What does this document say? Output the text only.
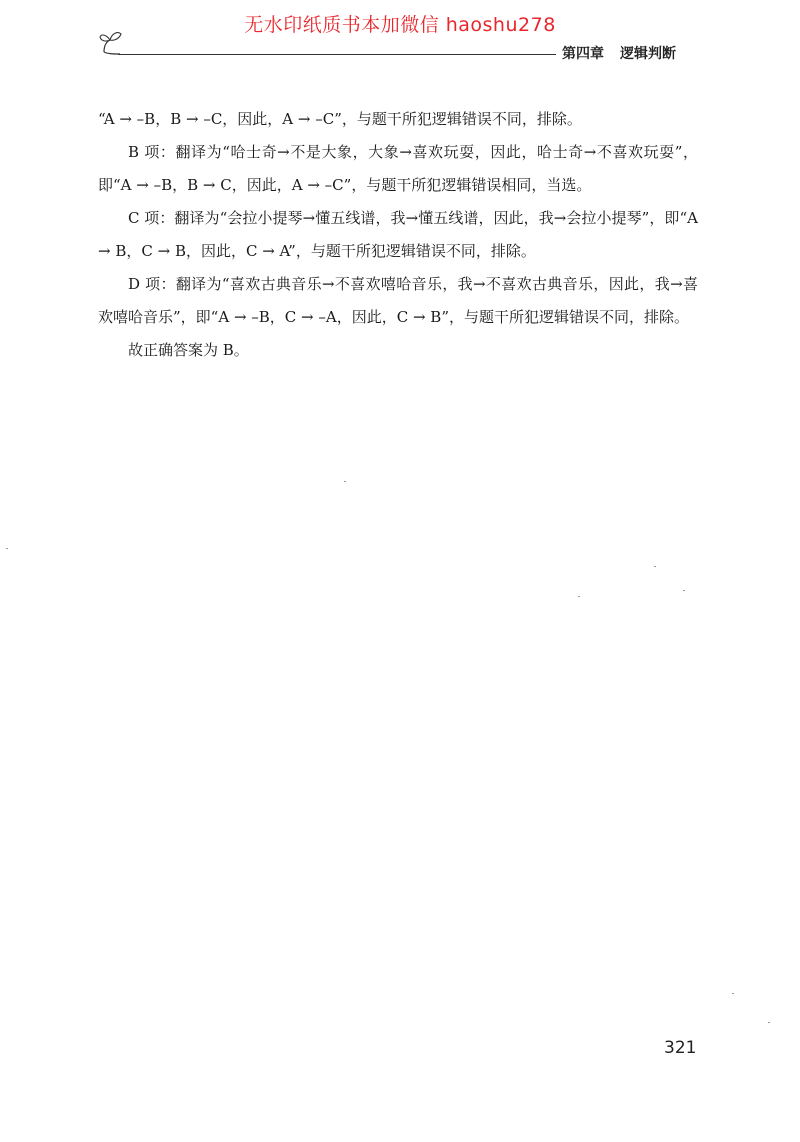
无水印纸质书本加微信 haoshu278
第四章 逻辑判断

“A → –B，B → –C，因此，A → –C”，与题干所犯逻辑错误不同，排除。

B 项：翻译为“哈士奇→不是大象，大象→喜欢玩耍，因此，哈士奇→不喜欢玩耍”，即“A → –B，B → C，因此，A → –C”，与题干所犯逻辑错误相同，当选。

C 项：翻译为“会拉小提琴→懂五线谱，我→懂五线谱，因此，我→会拉小提琴”，即“A → B，C → B，因此，C → A”，与题干所犯逻辑错误不同，排除。

D 项：翻译为“喜欢古典音乐→不喜欢嘻哈音乐，我→不喜欢古典音乐，因此，我→喜欢嘻哈音乐”，即“A → –B，C → –A，因此，C → B”，与题干所犯逻辑错误不同，排除。

故正确答案为 B。

321
